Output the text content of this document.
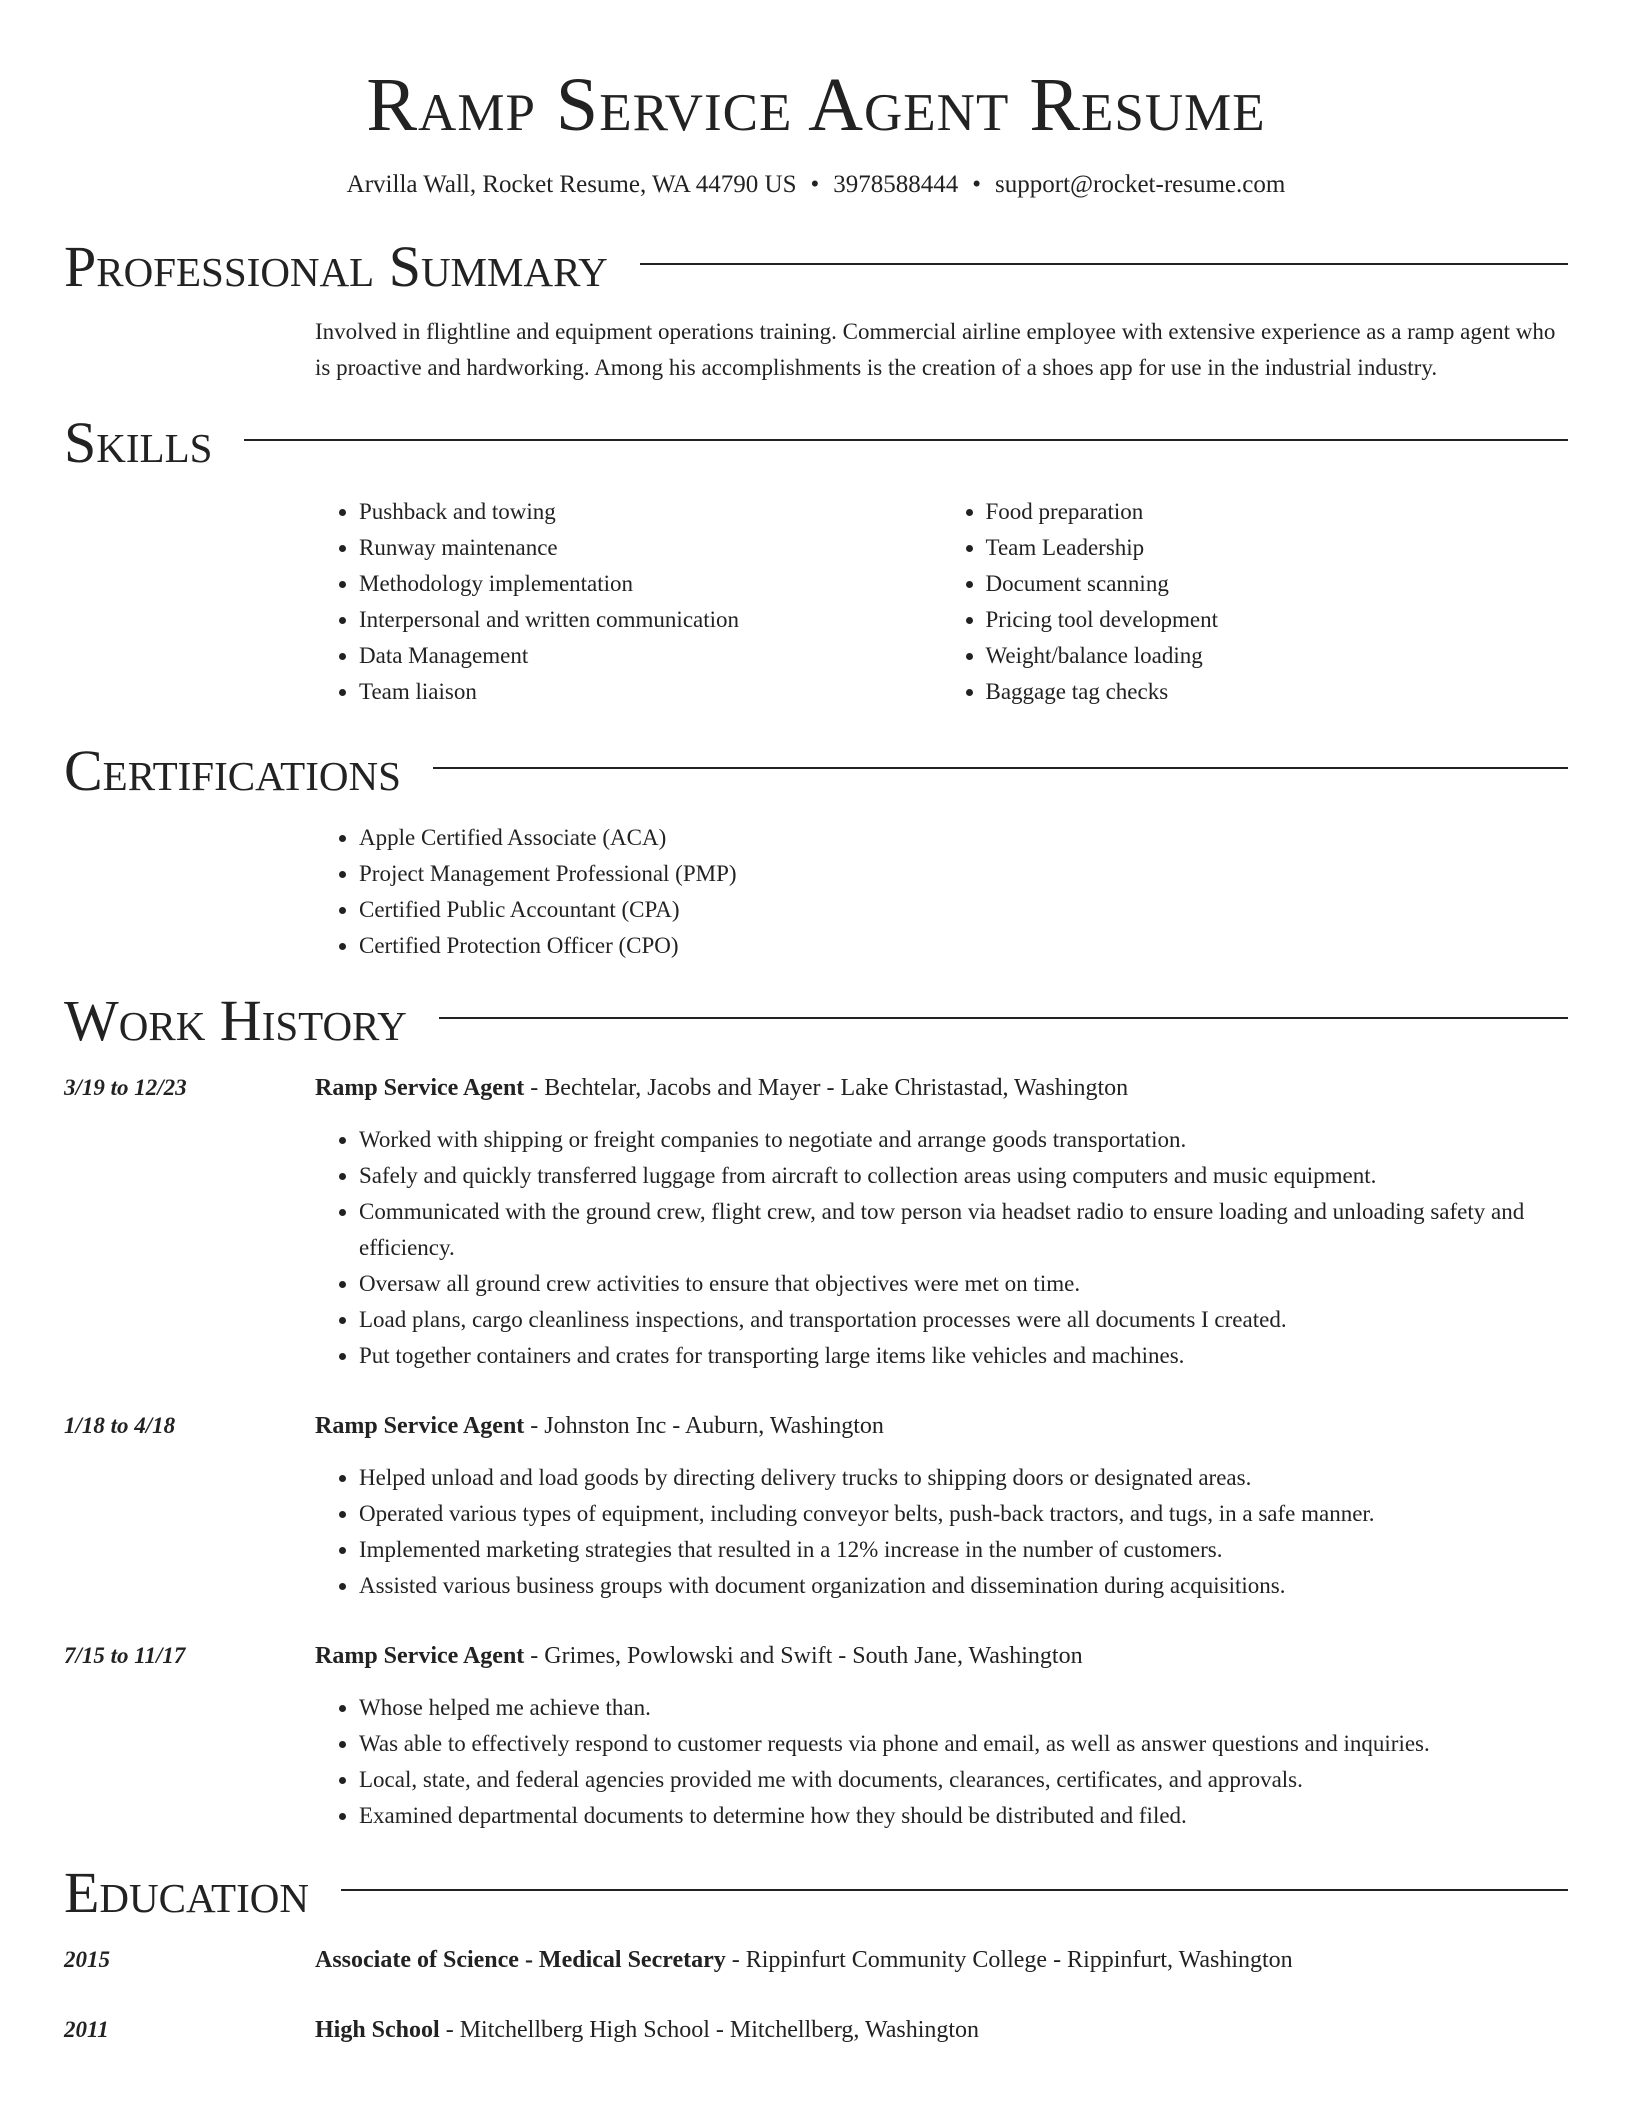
Ramp Service Agent Resume
Arvilla Wall, Rocket Resume, WA 44790 US • 3978588444 • support@rocket-resume.com
Professional Summary
Involved in flightline and equipment operations training. Commercial airline employee with extensive experience as a ramp agent who is proactive and hardworking. Among his accomplishments is the creation of a shoes app for use in the industrial industry.
Skills
• Pushback and towing
• Runway maintenance
• Methodology implementation
• Interpersonal and written communication
• Data Management
• Team liaison
• Food preparation
• Team Leadership
• Document scanning
• Pricing tool development
• Weight/balance loading
• Baggage tag checks
Certifications
• Apple Certified Associate (ACA)
• Project Management Professional (PMP)
• Certified Public Accountant (CPA)
• Certified Protection Officer (CPO)
Work History
3/19 to 12/23	Ramp Service Agent - Bechtelar, Jacobs and Mayer - Lake Christastad, Washington
• Worked with shipping or freight companies to negotiate and arrange goods transportation.
• Safely and quickly transferred luggage from aircraft to collection areas using computers and music equipment.
• Communicated with the ground crew, flight crew, and tow person via headset radio to ensure loading and unloading safety and efficiency.
• Oversaw all ground crew activities to ensure that objectives were met on time.
• Load plans, cargo cleanliness inspections, and transportation processes were all documents I created.
• Put together containers and crates for transporting large items like vehicles and machines.
1/18 to 4/18	Ramp Service Agent - Johnston Inc - Auburn, Washington
• Helped unload and load goods by directing delivery trucks to shipping doors or designated areas.
• Operated various types of equipment, including conveyor belts, push-back tractors, and tugs, in a safe manner.
• Implemented marketing strategies that resulted in a 12% increase in the number of customers.
• Assisted various business groups with document organization and dissemination during acquisitions.
7/15 to 11/17	Ramp Service Agent - Grimes, Powlowski and Swift - South Jane, Washington
• Whose helped me achieve than.
• Was able to effectively respond to customer requests via phone and email, as well as answer questions and inquiries.
• Local, state, and federal agencies provided me with documents, clearances, certificates, and approvals.
• Examined departmental documents to determine how they should be distributed and filed.
Education
2015	Associate of Science - Medical Secretary - Rippinfurt Community College - Rippinfurt, Washington
2011	High School - Mitchellberg High School - Mitchellberg, Washington
